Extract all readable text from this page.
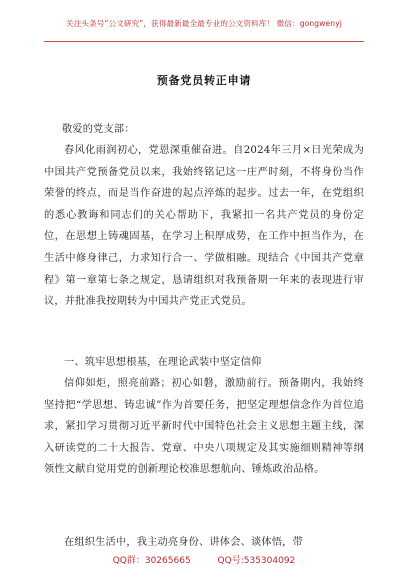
关注头条号“公文研究”，获得最新最全最专业的公文资料库！ 微信：gongwenyj
预备党员转正申请
敬爱的党支部：
春风化雨润初心，党恩深重催奋进。自2024年三月×日光荣成为中国共产党预备党员以来，我始终铭记这一庄严时刻，不将身份当作荣誉的终点，而是当作奋进的起点淬炼的起步。过去一年，在党组织的悉心教诲和同志们的关心帮助下，我紧扣一名共产党员的身份定位，在思想上铸魂固基，在学习上积厚成势，在工作中担当作为，在生活中修身律己，力求知行合一、学做相融。现结合《中国共产党章程》第一章第七条之规定，恳请组织对我预备期一年来的表现进行审议，并批准我按期转为中国共产党正式党员。
一、筑牢思想根基，在理论武装中坚定信仰
信仰如炬，照亮前路；初心如磐，激励前行。预备期内，我始终坚持把“学思想、铸忠诚”作为首要任务，把坚定理想信念作为首位追求，紧扣学习贯彻习近平新时代中国特色社会主义思想主题主线，深入研读党的二十大报告、党章、中央八项规定及其实施细则精神等纲领性文献自觉用党的创新理论校准思想航向、锤炼政治品格。
在组织生活中，我主动亮身份、讲体会、谈体悟，带
QQ群：30265665	QQ号:535304092
